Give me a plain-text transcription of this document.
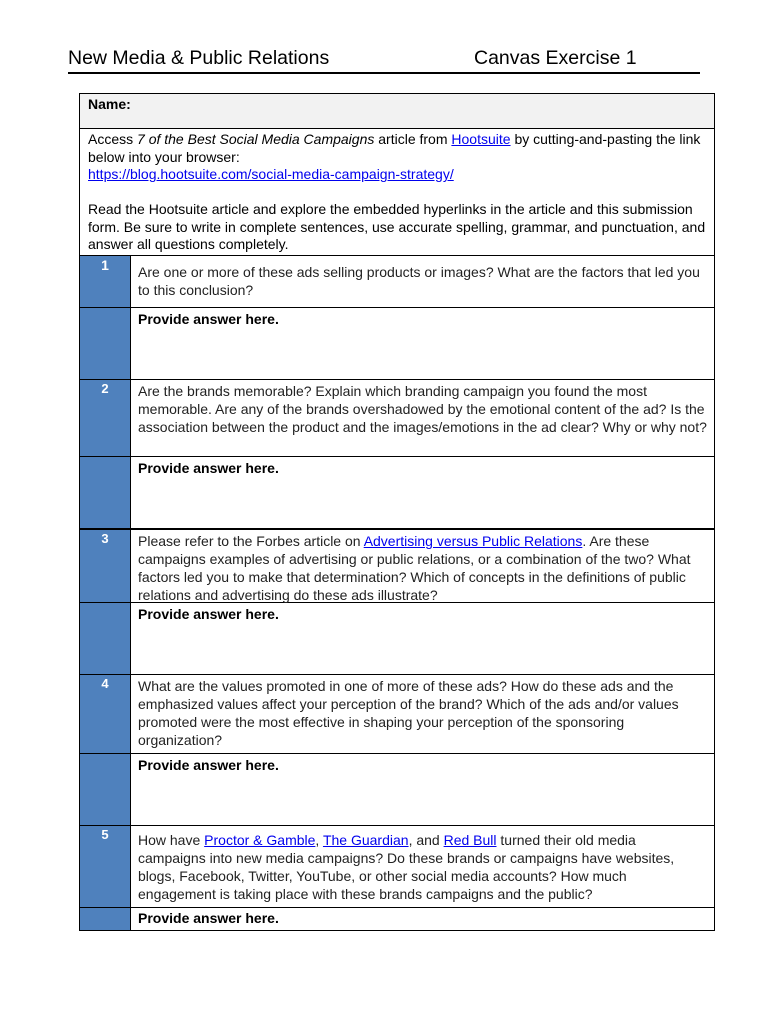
New Media & Public Relations	Canvas Exercise 1
Name:

Access 7 of the Best Social Media Campaigns article from Hootsuite by cutting-and-pasting the link below into your browser:

https://blog.hootsuite.com/social-media-campaign-strategy/

Read the Hootsuite article and explore the embedded hyperlinks in the article and this submission form. Be sure to write in complete sentences, use accurate spelling, grammar, and punctuation, and answer all questions completely.

1	Are one or more of these ads selling products or images? What are the factors that led you to this conclusion?
Provide answer here.
2	Are the brands memorable? Explain which branding campaign you found the most memorable. Are any of the brands overshadowed by the emotional content of the ad? Is the association between the product and the images/emotions in the ad clear? Why or why not?
Provide answer here.
3	Please refer to the Forbes article on Advertising versus Public Relations. Are these campaigns examples of advertising or public relations, or a combination of the two? What factors led you to make that determination? Which of concepts in the definitions of public relations and advertising do these ads illustrate?
Provide answer here.
4	What are the values promoted in one of more of these ads? How do these ads and the emphasized values affect your perception of the brand? Which of the ads and/or values promoted were the most effective in shaping your perception of the sponsoring organization?
Provide answer here.
5	How have Proctor & Gamble, The Guardian, and Red Bull turned their old media campaigns into new media campaigns? Do these brands or campaigns have websites, blogs, Facebook, Twitter, YouTube, or other social media accounts? How much engagement is taking place with these brands campaigns and the public?
Provide answer here.
